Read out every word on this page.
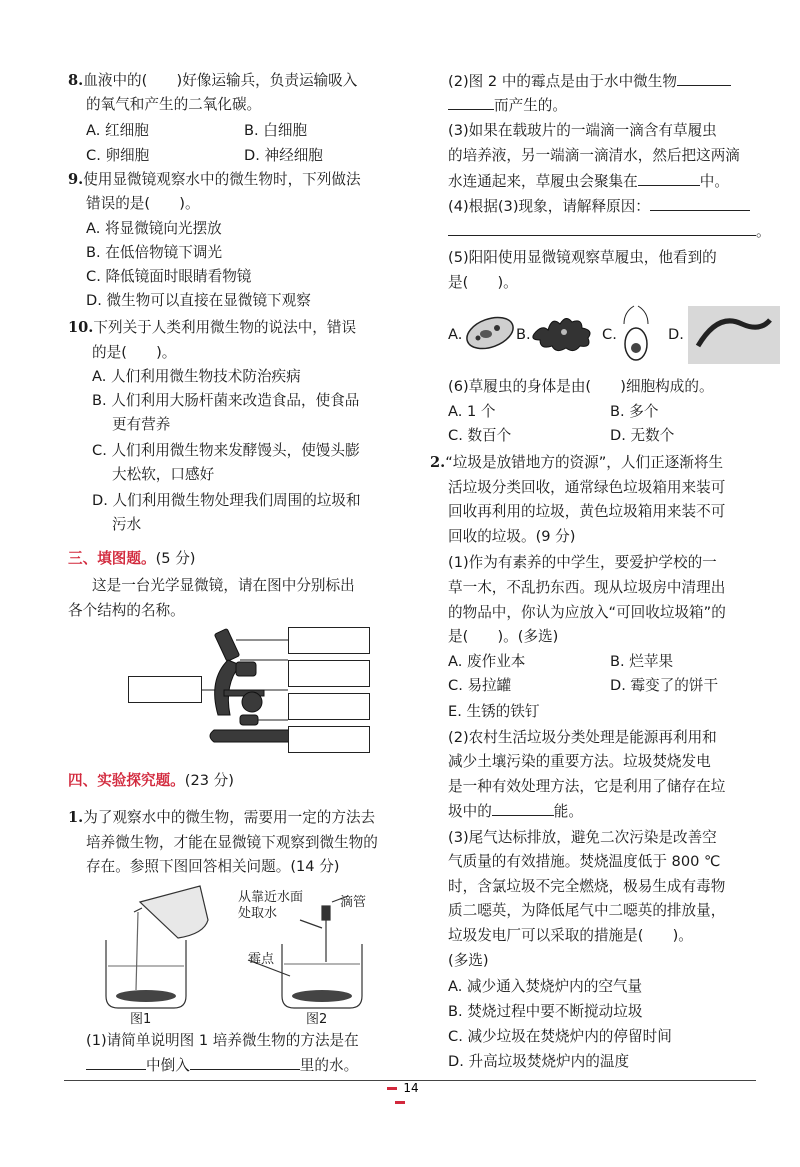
8.血液中的(　　)好像运输兵，负责运输吸入
的氧气和产生的二氧化碳。
A. 红细胞	B. 白细胞
C. 卵细胞	D. 神经细胞
9.使用显微镜观察水中的微生物时，下列做法
错误的是(　　)。
A. 将显微镜向光摆放
B. 在低倍物镜下调光
C. 降低镜面时眼睛看物镜
D. 微生物可以直接在显微镜下观察
10.下列关于人类利用微生物的说法中，错误
的是(　　)。
A. 人们利用微生物技术防治疾病
B. 人们利用大肠杆菌来改造食品，使食品
更有营养
C. 人们利用微生物来发酵馒头，使馒头膨
大松软，口感好
D. 人们利用微生物处理我们周围的垃圾和
污水
三、填图题。(5 分)
这是一台光学显微镜，请在图中分别标出
各个结构的名称。
四、实验探究题。(23 分)
1.为了观察水中的微生物，需要用一定的方法去
培养微生物，才能在显微镜下观察到微生物的
存在。参照下图回答相关问题。(14 分)
从靠近水面
处取水
滴管
霉点
图1	图2
(1)请简单说明图 1 培养微生物的方法是在
中倒入	里的水。
(2)图 2 中的霉点是由于水中微生物
而产生的。
(3)如果在载玻片的一端滴一滴含有草履虫
的培养液，另一端滴一滴清水，然后把这两滴
水连通起来，草履虫会聚集在	中。
(4)根据(3)现象，请解释原因：
。
(5)阳阳使用显微镜观察草履虫，他看到的
是(　　)。
A.	B.	C.	D.
(6)草履虫的身体是由(　　)细胞构成的。
A. 1 个	B. 多个
C. 数百个	D. 无数个
2.“垃圾是放错地方的资源”，人们正逐渐将生
活垃圾分类回收，通常绿色垃圾箱用来装可
回收再利用的垃圾，黄色垃圾箱用来装不可
回收的垃圾。(9 分)
(1)作为有素养的中学生，要爱护学校的一
草一木，不乱扔东西。现从垃圾房中清理出
的物品中，你认为应放入“可回收垃圾箱”的
是(　　)。(多选)
A. 废作业本	B. 烂苹果
C. 易拉罐	D. 霉变了的饼干
E. 生锈的铁钉
(2)农村生活垃圾分类处理是能源再利用和
减少土壤污染的重要方法。垃圾焚烧发电
是一种有效处理方法，它是利用了储存在垃
圾中的	能。
(3)尾气达标排放，避免二次污染是改善空
气质量的有效措施。焚烧温度低于 800 ℃
时，含氯垃圾不完全燃烧，极易生成有毒物
质二噁英，为降低尾气中二噁英的排放量，
垃圾发电厂可以采取的措施是(　　)。
(多选)
A. 减少通入焚烧炉内的空气量
B. 焚烧过程中要不断搅动垃圾
C. 减少垃圾在焚烧炉内的停留时间
D. 升高垃圾焚烧炉内的温度
14
